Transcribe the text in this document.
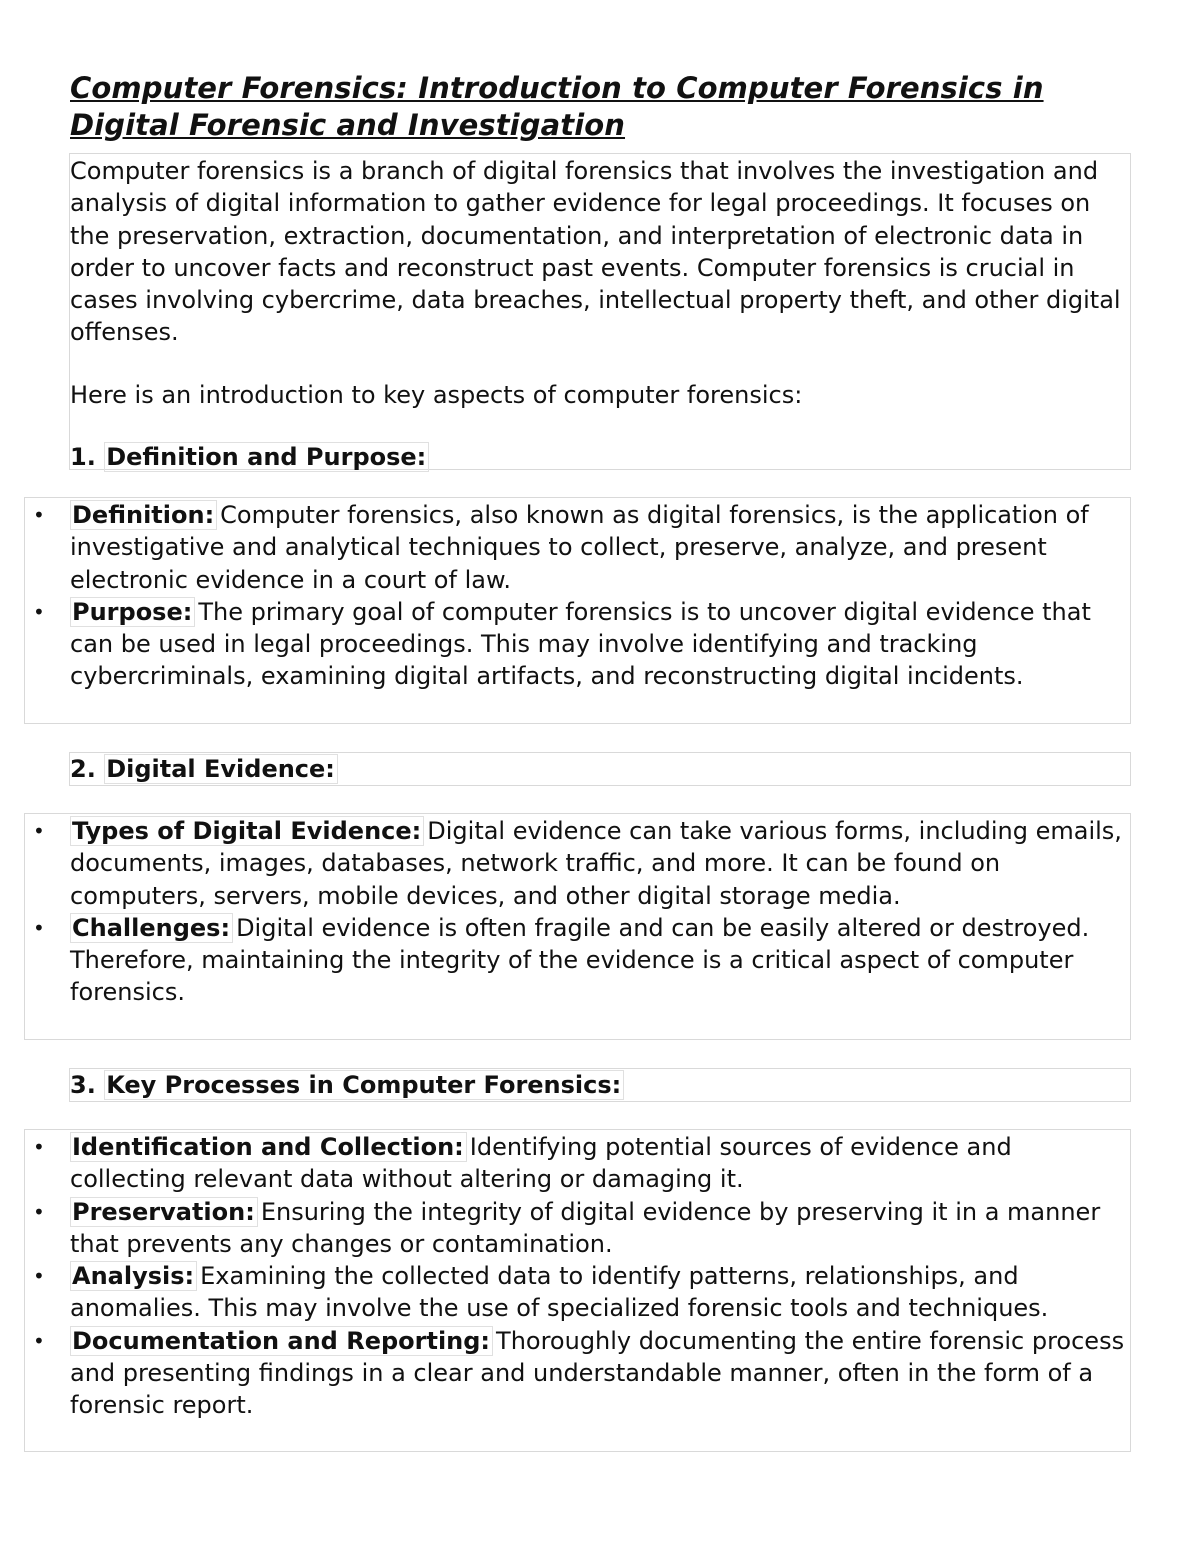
Computer Forensics: Introduction to Computer Forensics in Digital Forensic and Investigation

Computer forensics is a branch of digital forensics that involves the investigation and analysis of digital information to gather evidence for legal proceedings. It focuses on the preservation, extraction, documentation, and interpretation of electronic data in order to uncover facts and reconstruct past events. Computer forensics is crucial in cases involving cybercrime, data breaches, intellectual property theft, and other digital offenses.

Here is an introduction to key aspects of computer forensics:

1. Definition and Purpose:

• Definition: Computer forensics, also known as digital forensics, is the application of investigative and analytical techniques to collect, preserve, analyze, and present electronic evidence in a court of law.
• Purpose: The primary goal of computer forensics is to uncover digital evidence that can be used in legal proceedings. This may involve identifying and tracking cybercriminals, examining digital artifacts, and reconstructing digital incidents.
2. Digital Evidence:
• Types of Digital Evidence: Digital evidence can take various forms, including emails, documents, images, databases, network traffic, and more. It can be found on computers, servers, mobile devices, and other digital storage media.
• Challenges: Digital evidence is often fragile and can be easily altered or destroyed. Therefore, maintaining the integrity of the evidence is a critical aspect of computer forensics.
3. Key Processes in Computer Forensics:
• Identification and Collection: Identifying potential sources of evidence and collecting relevant data without altering or damaging it.
• Preservation: Ensuring the integrity of digital evidence by preserving it in a manner that prevents any changes or contamination.
• Analysis: Examining the collected data to identify patterns, relationships, and anomalies. This may involve the use of specialized forensic tools and techniques.
• Documentation and Reporting: Thoroughly documenting the entire forensic process and presenting findings in a clear and understandable manner, often in the form of a forensic report.
